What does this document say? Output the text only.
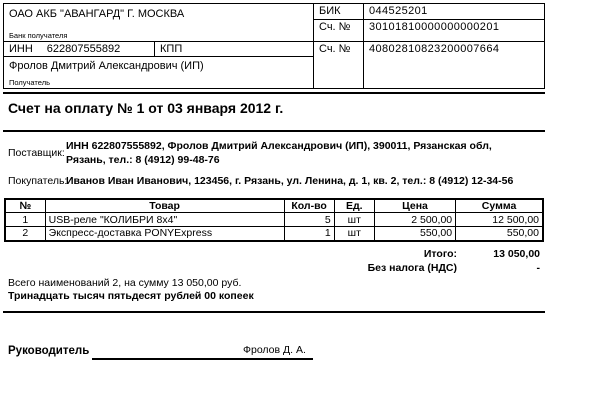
ОАО АКБ "АВАНГАРД" Г. МОСКВА
Банк получателя
ИНН 622807555892	КПП
Фролов Дмитрий Александрович (ИП)
Получатель
БИК	044525201
Сч. №	30101810000000000201
Сч. №	40802810823200007664
Счет на оплату № 1 от 03 января 2012 г.
Поставщик:
ИНН 622807555892, Фролов Дмитрий Александрович (ИП), 390011, Рязанская обл,
Рязань, тел.: 8 (4912) 99-48-76
Покупатель:
Иванов Иван Иванович, 123456, г. Рязань, ул. Ленина, д. 1, кв. 2, тел.: 8 (4912) 12-34-56
№	Товар	Кол-во	Ед.	Цена	Сумма
1	USB-реле "КОЛИБРИ 8x4"	5	шт	2 500,00	12 500,00
2	Экспресс-доставка PONYExpress	1	шт	550,00	550,00
Итого:	13 050,00
Без налога (НДС)	-
Всего наименований 2, на сумму 13 050,00 руб.
Тринадцать тысяч пятьдесят рублей 00 копеек
Руководитель	Фролов Д. А.
